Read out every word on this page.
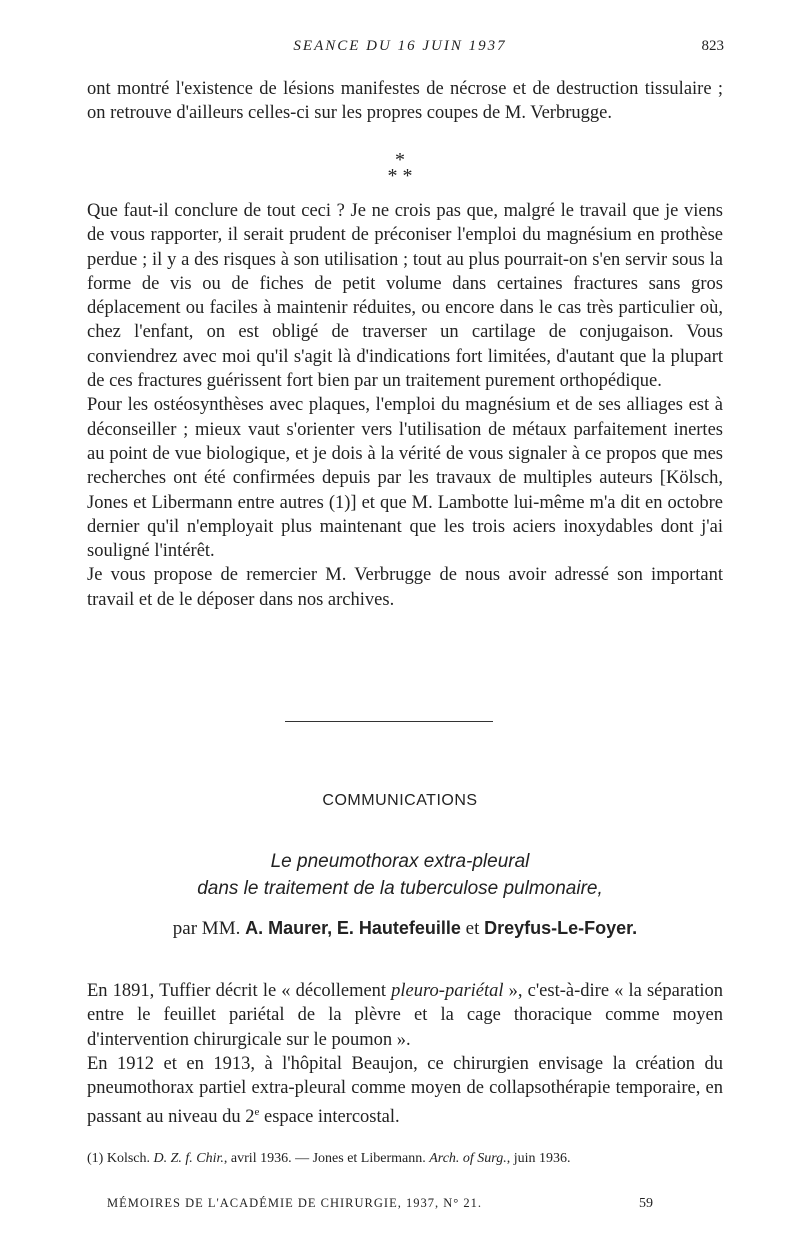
SEANCE DU 16 JUIN 1937	823

ont montré l'existence de lésions manifestes de nécrose et de destruction tissulaire ; on retrouve d'ailleurs celles-ci sur les propres coupes de M. Verbrugge.

*
* *

Que faut-il conclure de tout ceci ? Je ne crois pas que, malgré le travail que je viens de vous rapporter, il serait prudent de préconiser l'emploi du magnésium en prothèse perdue ; il y a des risques à son utilisation ; tout au plus pourrait-on s'en servir sous la forme de vis ou de fiches de petit volume dans certaines fractures sans gros déplacement ou faciles à maintenir réduites, ou encore dans le cas très particulier où, chez l'enfant, on est obligé de traverser un cartilage de conjugaison. Vous conviendrez avec moi qu'il s'agit là d'indications fort limitées, d'autant que la plupart de ces fractures guérissent fort bien par un traitement purement orthopédique.

Pour les ostéosynthèses avec plaques, l'emploi du magnésium et de ses alliages est à déconseiller ; mieux vaut s'orienter vers l'utilisation de métaux parfaitement inertes au point de vue biologique, et je dois à la vérité de vous signaler à ce propos que mes recherches ont été confirmées depuis par les travaux de multiples auteurs [Kölsch, Jones et Libermann entre autres (1)] et que M. Lambotte lui-même m'a dit en octobre dernier qu'il n'employait plus maintenant que les trois aciers inoxydables dont j'ai souligné l'intérêt.

Je vous propose de remercier M. Verbrugge de nous avoir adressé son important travail et de le déposer dans nos archives.

COMMUNICATIONS
Le pneumothorax extra-pleural
dans le traitement de la tuberculose pulmonaire,
par MM. A. Maurer, E. Hautefeuille et Dreyfus-Le-Foyer.

En 1891, Tuffier décrit le « décollement pleuro-pariétal », c'est-à-dire « la séparation entre le feuillet pariétal de la plèvre et la cage thoracique comme moyen d'intervention chirurgicale sur le poumon ».

En 1912 et en 1913, à l'hôpital Beaujon, ce chirurgien envisage la création du pneumothorax partiel extra-pleural comme moyen de collapsothérapie temporaire, en passant au niveau du 2e espace intercostal.

(1) Kolsch. D. Z. f. Chir., avril 1936. — Jones et Libermann. Arch. of Surg., juin 1936.
MÉMOIRES DE L'ACADÉMIE DE CHIRURGIE, 1937, N° 21.	59
